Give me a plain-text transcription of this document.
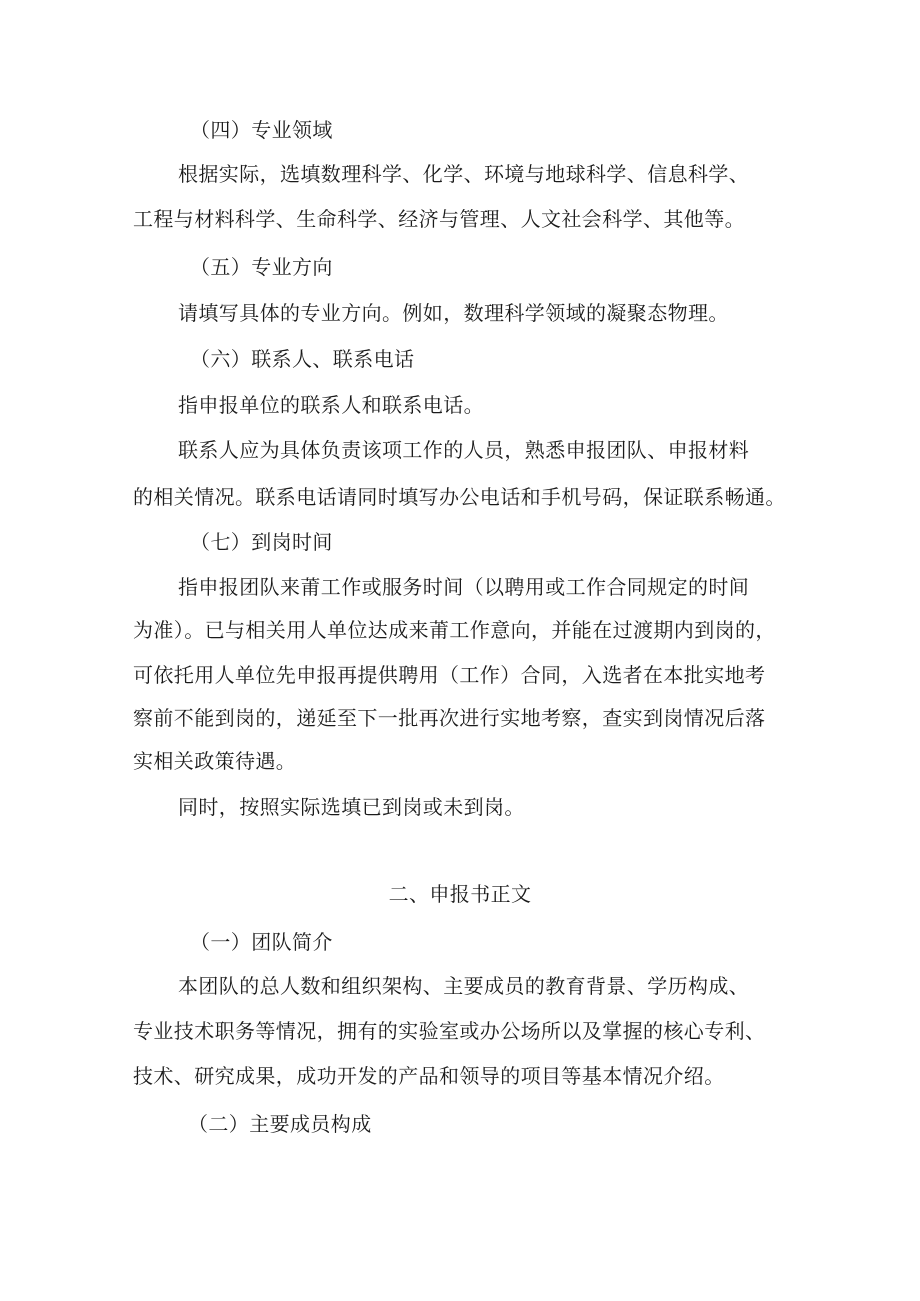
（四）专业领域
根据实际，选填数理科学、化学、环境与地球科学、信息科学、
工程与材料科学、生命科学、经济与管理、人文社会科学、其他等。
（五）专业方向
请填写具体的专业方向。例如，数理科学领域的凝聚态物理。
（六）联系人、联系电话
指申报单位的联系人和联系电话。
联系人应为具体负责该项工作的人员，熟悉申报团队、申报材料
的相关情况。联系电话请同时填写办公电话和手机号码，保证联系畅通。
（七）到岗时间
指申报团队来莆工作或服务时间（以聘用或工作合同规定的时间
为准）。已与相关用人单位达成来莆工作意向，并能在过渡期内到岗的，
可依托用人单位先申报再提供聘用（工作）合同，入选者在本批实地考
察前不能到岗的，递延至下一批再次进行实地考察，查实到岗情况后落
实相关政策待遇。
同时，按照实际选填已到岗或未到岗。
二、申报书正文
（一）团队简介
本团队的总人数和组织架构、主要成员的教育背景、学历构成、
专业技术职务等情况，拥有的实验室或办公场所以及掌握的核心专利、
技术、研究成果，成功开发的产品和领导的项目等基本情况介绍。
（二）主要成员构成
